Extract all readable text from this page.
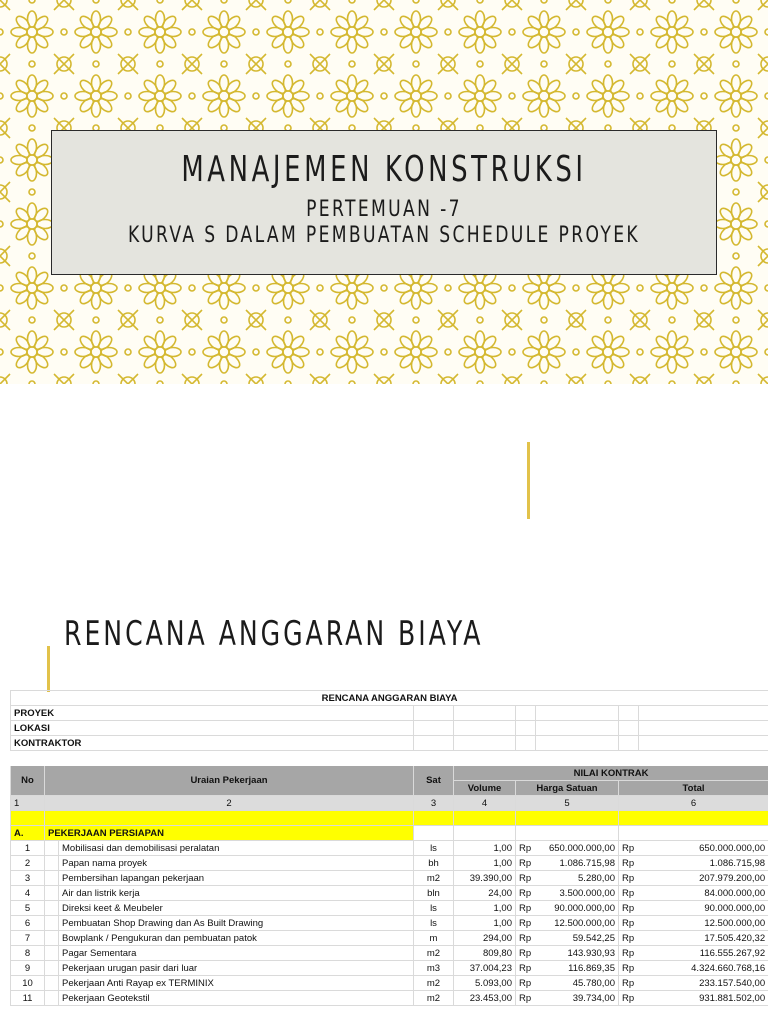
MANAJEMEN KONSTRUKSI
PERTEMUAN -7
KURVA S DALAM PEMBUATAN SCHEDULE PROYEK
RENCANA ANGGARAN BIAYA
RENCANA ANGGARAN BIAYA								
PROYEK								
LOKASI								
KONTRAKTOR								

No	Uraian Pekerjaan		Sat	NILAI KONTRAK				
				Volume	Harga Satuan		Total	
1	2		3	4	5		6	

A.	PEKERJAAN PERSIAPAN							
1		Mobilisasi dan demobilisasi peralatan	ls	1,00	Rp	650.000.000,00	Rp	650.000.000,00
2		Papan nama proyek	bh	1,00	Rp	1.086.715,98	Rp	1.086.715,98
3		Pembersihan lapangan pekerjaan	m2	39.390,00	Rp	5.280,00	Rp	207.979.200,00
4		Air dan listrik kerja	bln	24,00	Rp	3.500.000,00	Rp	84.000.000,00
5		Direksi keet & Meubeler	ls	1,00	Rp	90.000.000,00	Rp	90.000.000,00
6		Pembuatan Shop Drawing dan As Built Drawing	ls	1,00	Rp	12.500.000,00	Rp	12.500.000,00
7		Bowplank / Pengukuran dan pembuatan patok	m	294,00	Rp	59.542,25	Rp	17.505.420,32
8		Pagar Sementara	m2	809,80	Rp	143.930,93	Rp	116.555.267,92
9		Pekerjaan urugan pasir dari luar	m3	37.004,23	Rp	116.869,35	Rp	4.324.660.768,16
10		Pekerjaan Anti Rayap ex TERMINIX	m2	5.093,00	Rp	45.780,00	Rp	233.157.540,00
11		Pekerjaan Geotekstil	m2	23.453,00	Rp	39.734,00	Rp	931.881.502,00
